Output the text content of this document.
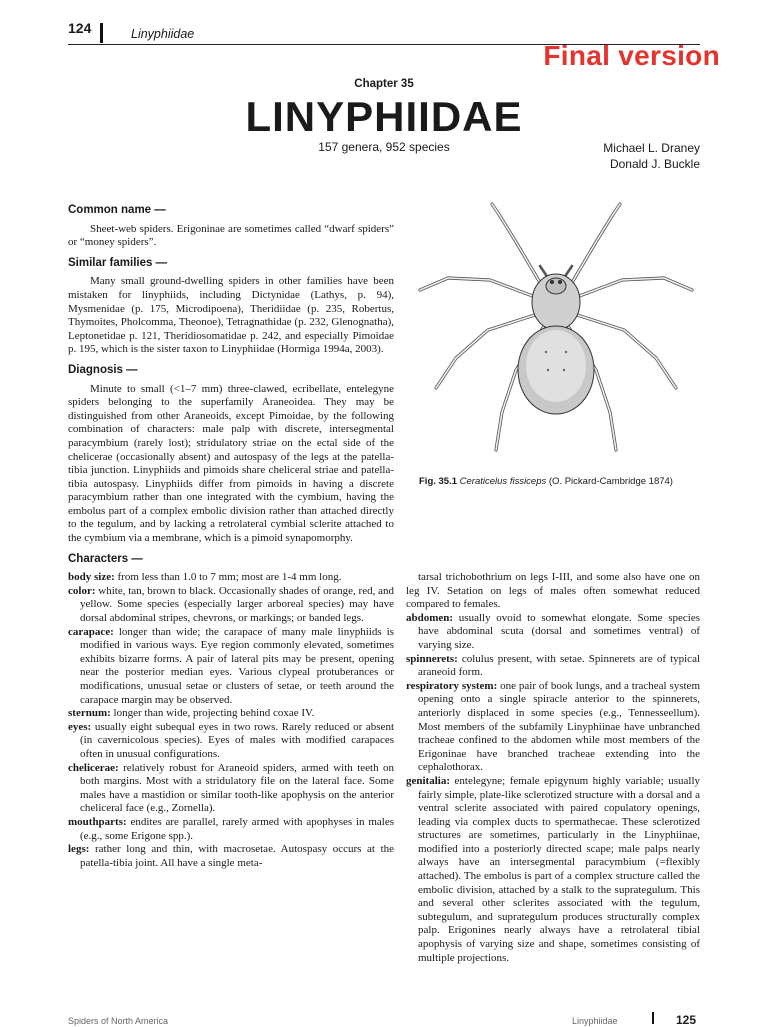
124	Linyphiidae
Final version
Chapter 35
LINYPHIIDAE
157 genera, 952 species	Michael L. Draney
Donald J. Buckle
Common name —

Sheet-web spiders. Erigoninae are sometimes called “dwarf spiders” or “money spiders”.

Similar families —

Many small ground-dwelling spiders in other families have been mistaken for linyphiids, including Dictynidae (Lathys, p. 94), Mysmenidae (p. 175, Microdipoena), Theridiidae (p. 235, Robertus, Thymoites, Pholcomma, Theonoe), Tetragnathidae (p. 232, Glenognatha), Leptonetidae p. 121, Theridiosomatidae p. 242, and especially Pimoidae p. 195, which is the sister taxon to Linyphiidae (Hormiga 1994a, 2003).

Diagnosis —

Minute to small (<1–7 mm) three-clawed, ecribellate, entelegyne spiders belonging to the superfamily Araneoidea. They may be distinguished from other Araneoids, except Pimoidae, by the following combination of characters: male palp with discrete, intersegmental paracymbium (rarely lost); stridulatory striae on the ectal side of the chelicerae (occasionally absent) and autospasy of the legs at the patella-tibia junction. Linyphiids and pimoids share cheliceral striae and patella-tibia autospasy. Linyphiids differ from pimoids in having a discrete paracymbium rather than one integrated with the cymbium, having the embolus part of a complex embolic division rather than attached directly to the tegulum, and by lacking a retrolateral cymbial sclerite attached to the cymbium via a membrane, which is a pimoid synapomorphy.

Characters —

body size: from less than 1.0 to 7 mm; most are 1-4 mm long.

color: white, tan, brown to black. Occasionally shades of orange, red, and yellow. Some species (especially larger arboreal species) may have dorsal abdominal stripes, chevrons, or markings; or banded legs.

carapace: longer than wide; the carapace of many male linyphiids is modified in various ways. Eye region commonly elevated, sometimes exhibits bizarre forms. A pair of lateral pits may be present, opening near the posterior median eyes. Various clypeal protuberances or modifications, unusual setae or clusters of setae, or teeth around the carapace margin may be observed.

sternum: longer than wide, projecting behind coxae IV.

eyes: usually eight subequal eyes in two rows. Rarely reduced or absent (in cavernicolous species). Eyes of males with modified carapaces often in unusual configurations.

chelicerae: relatively robust for Araneoid spiders, armed with teeth on both margins. Most with a stridulatory file on the lateral face. Some males have a mastidion or similar tooth-like apophysis on the anterior cheliceral face (e.g., Zornella).

mouthparts: endites are parallel, rarely armed with apophyses in males (e.g., some Erigone spp.).

legs: rather long and thin, with macrosetae. Autospasy occurs at the patella-tibia joint. All have a single meta-

Fig. 35.1 Ceraticelus fissiceps (O. Pickard-Cambridge 1874)

tarsal trichobothrium on legs I-III, and some also have one on leg IV. Setation on legs of males often somewhat reduced compared to females.

abdomen: usually ovoid to somewhat elongate. Some species have abdominal scuta (dorsal and sometimes ventral) of varying size.

spinnerets: colulus present, with setae. Spinnerets are of typical araneoid form.

respiratory system: one pair of book lungs, and a tracheal system opening onto a single spiracle anterior to the spinnerets, anteriorly displaced in some species (e.g., Tennesseellum). Most members of the subfamily Linyphiinae have unbranched tracheae confined to the abdomen while most members of the Erigoninae have branched tracheae extending into the cephalothorax.

genitalia: entelegyne; female epigynum highly variable; usually fairly simple, plate-like sclerotized structure with a dorsal and a ventral sclerite associated with paired copulatory openings, leading via complex ducts to spermathecae. These sclerotized structures are sometimes, particularly in the Linyphiinae, modified into a posteriorly directed scape; male palps nearly always have an intersegmental paracymbium (=flexibly attached). The embolus is part of a complex structure called the embolic division, attached by a stalk to the suprategulum. This and several other sclerites associated with the tegulum, subtegulum, and suprategulum produces structurally complex palp. Erigonines nearly always have a retrolateral tibial apophysis of varying size and shape, sometimes consisting of multiple projections.

Spiders of North America	Linyphiidae	125
